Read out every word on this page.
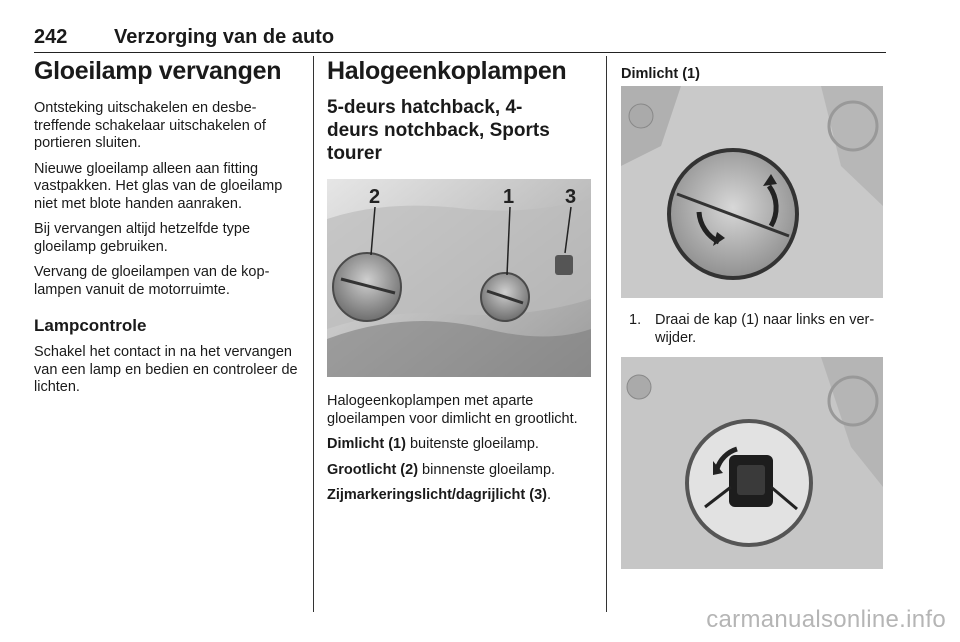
242 Verzorging van de auto
Gloeilamp vervangen

Ontsteking uitschakelen en desbetreffende schakelaar uitschakelen of portieren sluiten.

Nieuwe gloeilamp alleen aan fitting vastpakken. Het glas van de gloeilamp niet met blote handen aanraken.

Bij vervangen altijd hetzelfde type gloeilamp gebruiken.

Vervang de gloeilampen van de koplampen vanuit de motorruimte.

Lampcontrole

Schakel het contact in na het vervangen van een lamp en bedien en controleer de lichten.

Halogeenkoplampen
5-deurs hatchback, 4-deurs notchback, Sports tourer
2	1	3

Halogeenkoplampen met aparte gloeilampen voor dimlicht en grootlicht.

Dimlicht (1) buitenste gloeilamp.

Grootlicht (2) binnenste gloeilamp.

Zijmarkeringslicht/dagrijlicht (3).

Dimlicht (1)
1. Draai de kap (1) naar links en verwijder.
carmanualsonline.info
